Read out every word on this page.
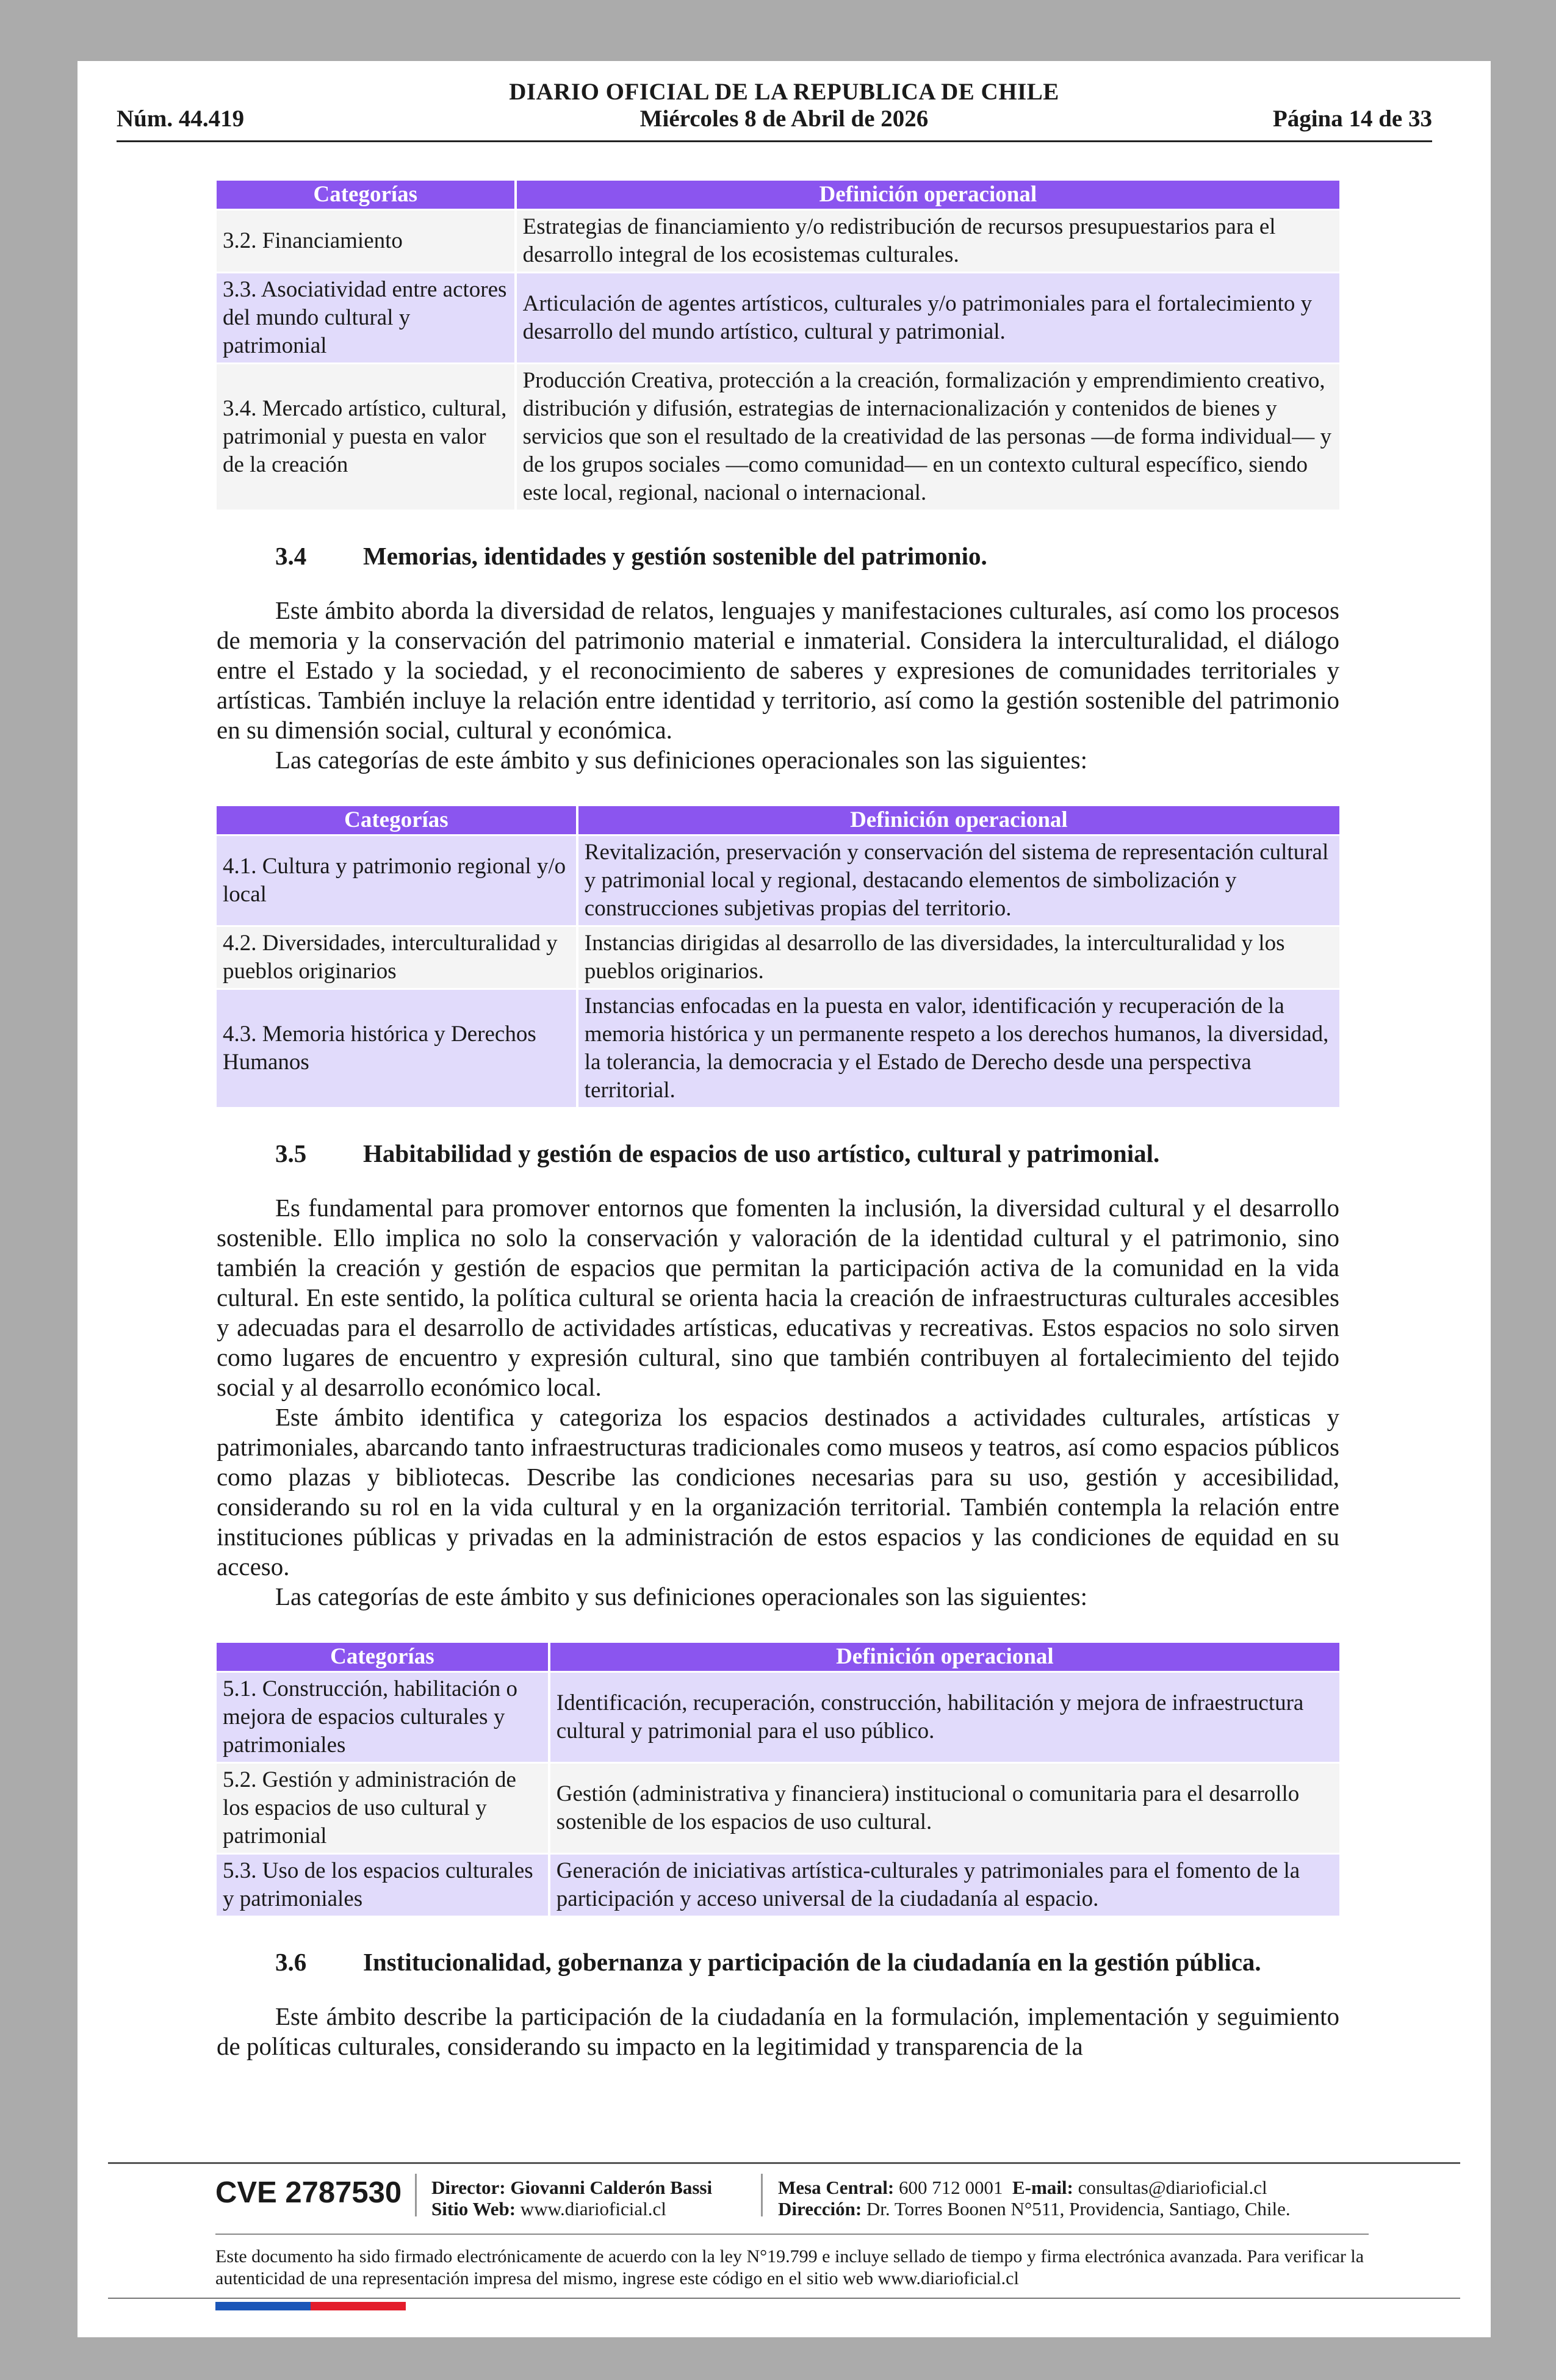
DIARIO OFICIAL DE LA REPUBLICA DE CHILE
Núm. 44.419	Miércoles 8 de Abril de 2026	Página 14 de 33
Categorías	Definición operacional
3.2. Financiamiento	Estrategias de financiamiento y/o redistribución de recursos presupuestarios para el desarrollo integral de los ecosistemas culturales.
3.3. Asociatividad entre actores del mundo cultural y patrimonial	Articulación de agentes artísticos, culturales y/o patrimoniales para el fortalecimiento y desarrollo del mundo artístico, cultural y patrimonial.
3.4. Mercado artístico, cultural, patrimonial y puesta en valor de la creación	Producción Creativa, protección a la creación, formalización y emprendimiento creativo, distribución y difusión, estrategias de internacionalización y contenidos de bienes y servicios que son el resultado de la creatividad de las personas —de forma individual— y de los grupos sociales —como comunidad— en un contexto cultural específico, siendo este local, regional, nacional o internacional.
3.4	Memorias, identidades y gestión sostenible del patrimonio.

Este ámbito aborda la diversidad de relatos, lenguajes y manifestaciones culturales, así como los procesos de memoria y la conservación del patrimonio material e inmaterial. Considera la interculturalidad, el diálogo entre el Estado y la sociedad, y el reconocimiento de saberes y expresiones de comunidades territoriales y artísticas. También incluye la relación entre identidad y territorio, así como la gestión sostenible del patrimonio en su dimensión social, cultural y económica.

Las categorías de este ámbito y sus definiciones operacionales son las siguientes:

Categorías	Definición operacional
4.1. Cultura y patrimonio regional y/o local	Revitalización, preservación y conservación del sistema de representación cultural y patrimonial local y regional, destacando elementos de simbolización y construcciones subjetivas propias del territorio.
4.2. Diversidades, interculturalidad y pueblos originarios	Instancias dirigidas al desarrollo de las diversidades, la interculturalidad y los pueblos originarios.
4.3. Memoria histórica y Derechos Humanos	Instancias enfocadas en la puesta en valor, identificación y recuperación de la memoria histórica y un permanente respeto a los derechos humanos, la diversidad, la tolerancia, la democracia y el Estado de Derecho desde una perspectiva territorial.
3.5	Habitabilidad y gestión de espacios de uso artístico, cultural y patrimonial.

Es fundamental para promover entornos que fomenten la inclusión, la diversidad cultural y el desarrollo sostenible. Ello implica no solo la conservación y valoración de la identidad cultural y el patrimonio, sino también la creación y gestión de espacios que permitan la participación activa de la comunidad en la vida cultural. En este sentido, la política cultural se orienta hacia la creación de infraestructuras culturales accesibles y adecuadas para el desarrollo de actividades artísticas, educativas y recreativas. Estos espacios no solo sirven como lugares de encuentro y expresión cultural, sino que también contribuyen al fortalecimiento del tejido social y al desarrollo económico local.

Este ámbito identifica y categoriza los espacios destinados a actividades culturales, artísticas y patrimoniales, abarcando tanto infraestructuras tradicionales como museos y teatros, así como espacios públicos como plazas y bibliotecas. Describe las condiciones necesarias para su uso, gestión y accesibilidad, considerando su rol en la vida cultural y en la organización territorial. También contempla la relación entre instituciones públicas y privadas en la administración de estos espacios y las condiciones de equidad en su acceso.

Las categorías de este ámbito y sus definiciones operacionales son las siguientes:

Categorías	Definición operacional
5.1. Construcción, habilitación o mejora de espacios culturales y patrimoniales	Identificación, recuperación, construcción, habilitación y mejora de infraestructura cultural y patrimonial para el uso público.
5.2. Gestión y administración de los espacios de uso cultural y patrimonial	Gestión (administrativa y financiera) institucional o comunitaria para el desarrollo sostenible de los espacios de uso cultural.
5.3. Uso de los espacios culturales y patrimoniales	Generación de iniciativas artística-culturales y patrimoniales para el fomento de la participación y acceso universal de la ciudadanía al espacio.
3.6	Institucionalidad, gobernanza y participación de la ciudadanía en la gestión pública.

Este ámbito describe la participación de la ciudadanía en la formulación, implementación y seguimiento de políticas culturales, considerando su impacto en la legitimidad y transparencia de la

CVE 2787530 Director: Giovanni Calderón Bassi
Sitio Web: www.diarioficial.cl
Mesa Central: 600 712 0001 E-mail: consultas@diarioficial.cl
Dirección: Dr. Torres Boonen N°511, Providencia, Santiago, Chile.
Este documento ha sido firmado electrónicamente de acuerdo con la ley N°19.799 e incluye sellado de tiempo y firma electrónica avanzada. Para verificar la autenticidad de una representación impresa del mismo, ingrese este código en el sitio web www.diarioficial.cl
